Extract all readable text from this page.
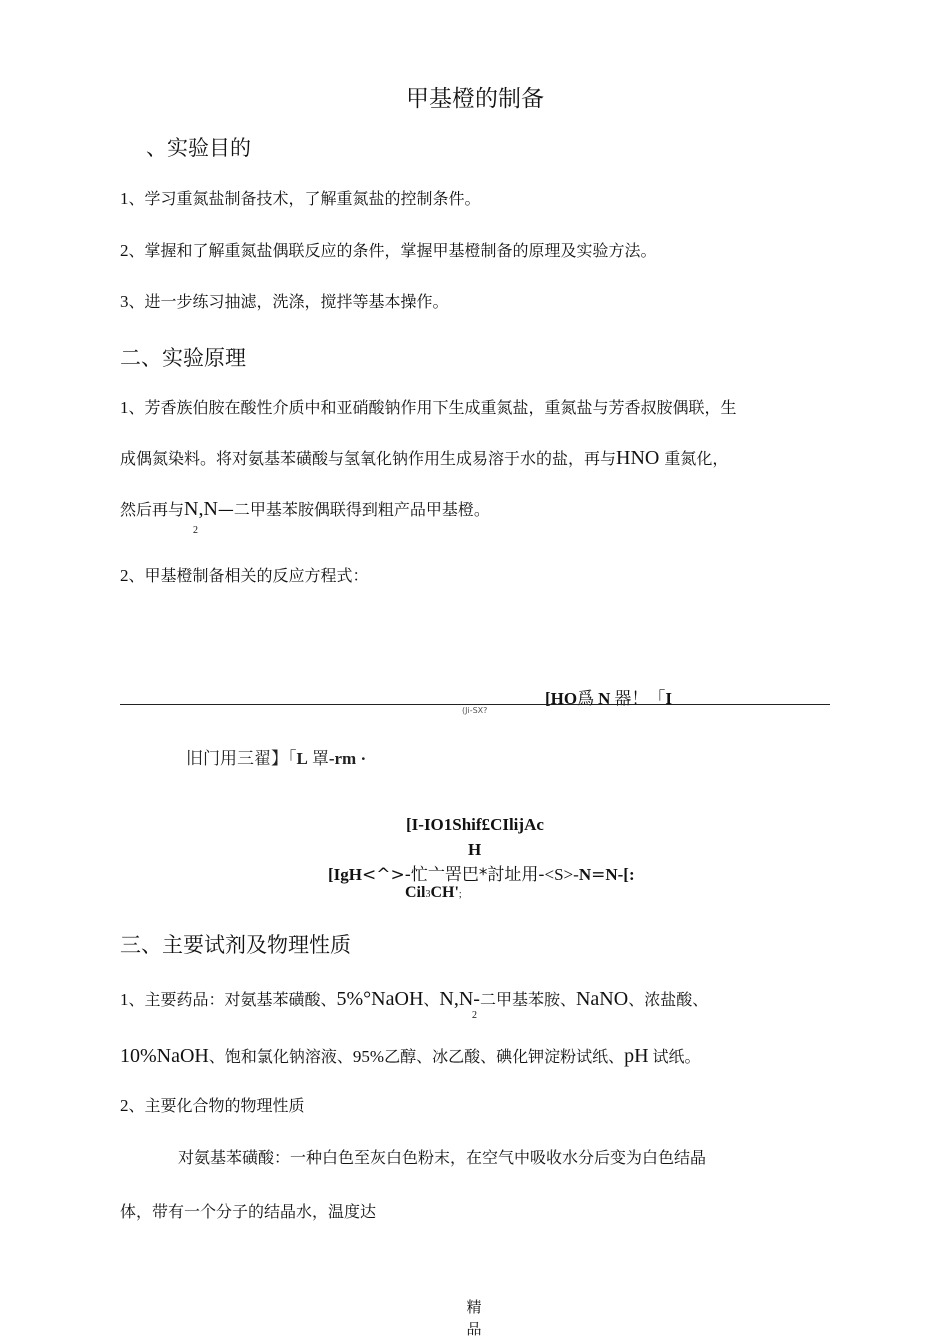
甲基橙的制备
、实验目的
1、学习重氮盐制备技术，了解重氮盐的控制条件。
2、掌握和了解重氮盐偶联反应的条件，掌握甲基橙制备的原理及实验方法。
3、进一步练习抽滤，洗涤，搅拌等基本操作。
二、实验原理
1、芳香族伯胺在酸性介质中和亚硝酸钠作用下生成重氮盐，重氮盐与芳香叔胺偶联，生
成偶氮染料。将对氨基苯磺酸与氢氧化钠作用生成易溶于水的盐，再与HNO 重氮化，
然后再与N,N—二甲基苯胺偶联得到粗产品甲基橙。
2
2、甲基橙制备相关的反应方程式：
[HO爲 N 器！「I
(Ji-SX?
旧门用三翟】「L 罩-rm ·
[I-IO1Shif£CIlijAc
H
[IgH<^>-忙亠罟巴*討址用-<S>-N=N-[:
Cil3CH';
三、主要试剂及物理性质
1、主要药品：对氨基苯磺酸、5%°NaOH、N,N-二甲基苯胺、NaNO、浓盐酸、
2
10%NaOH、饱和氯化钠溶液、95%乙醇、冰乙酸、碘化钾淀粉试纸、pH 试纸。
2、主要化合物的物理性质
对氨基苯磺酸：一种白色至灰白色粉末，在空气中吸收水分后变为白色结晶
体，带有一个分子的结晶水，温度达
精品
